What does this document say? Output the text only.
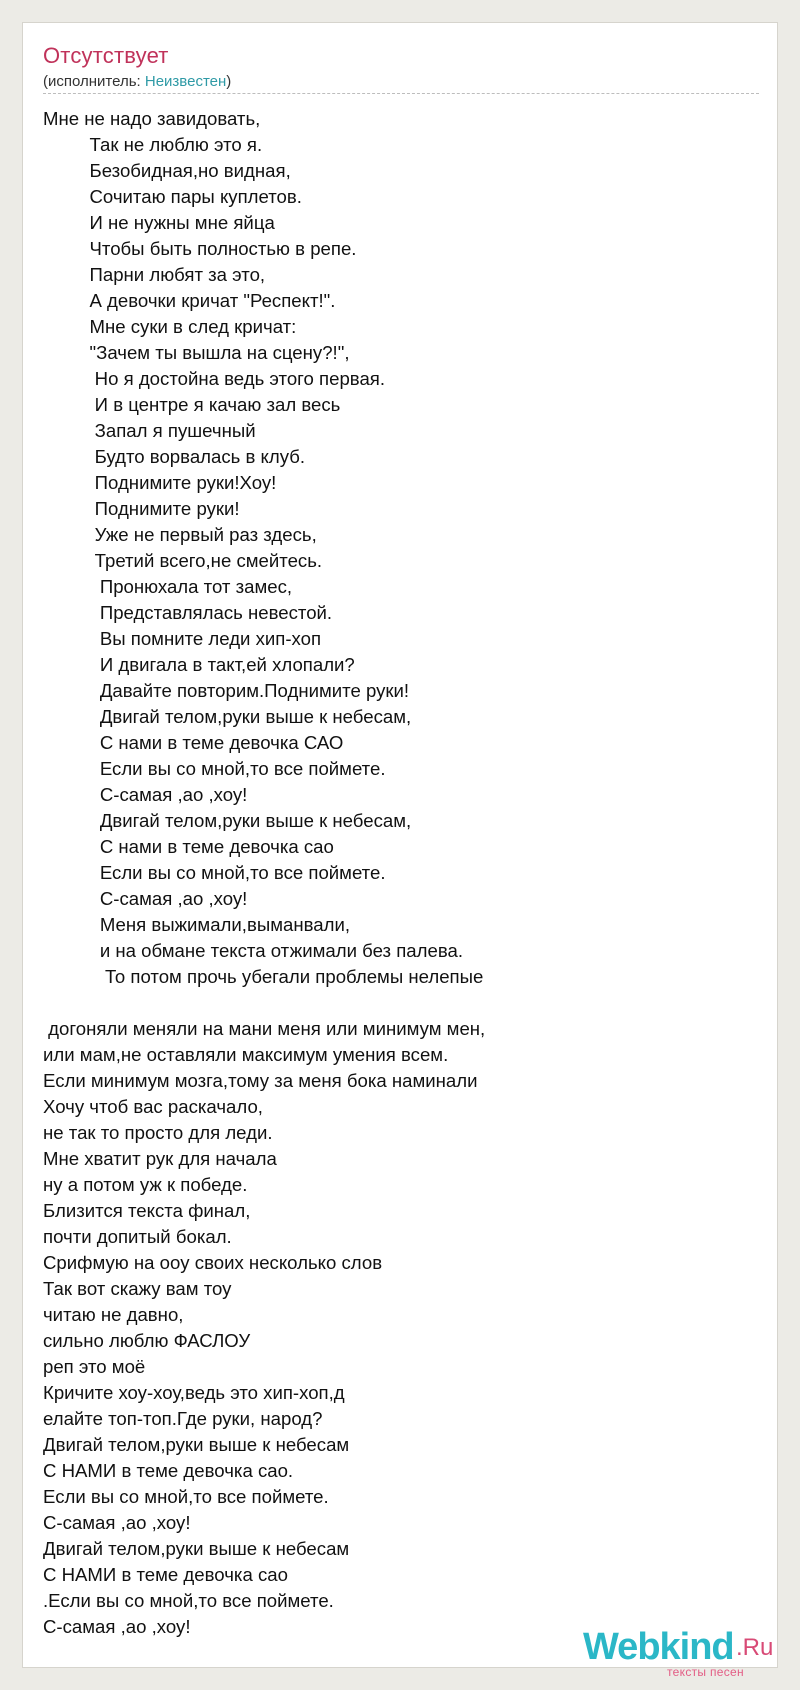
Отсутствует
(исполнитель: Неизвестен)
Мне не надо завидовать,
Так не люблю это я.
Безобидная,но видная,
Сочитаю пары куплетов.
И не нужны мне яйца
Чтобы быть полностью в репе.
Парни любят за это,
А девочки кричат "Респект!".
Мне суки в след кричат:
"Зачем ты вышла на сцену?!",
Но я достойна ведь этого первая.
И в центре я качаю зал весь
Запал я пушечный
Будто ворвалась в клуб.
Поднимите руки!Хоу!
Поднимите руки!
Уже не первый раз здесь,
Третий всего,не смейтесь.
Пронюхала тот замес,
Представлялась невестой.
Вы помните леди хип-хоп
И двигала в такт,ей хлопали?
Давайте повторим.Поднимите руки!
Двигай телом,руки выше к небесам,
С нами в теме девочка САО
Если вы со мной,то все поймете.
С-самая ,ао ,хоу!
Двигай телом,руки выше к небесам,
С нами в теме девочка сао
Если вы со мной,то все поймете.
С-самая ,ао ,хоу!
Меня выжимали,выманвали,
и на обмане текста отжимали без палева.
То потом прочь убегали проблемы нелепые

догоняли меняли на мани меня или минимум мен,
или мам,не оставляли максимум умения всем.
Если минимум мозга,тому за меня бока наминали
Хочу чтоб вас раскачало,
не так то просто для леди.
Мне хватит рук для начала
ну а потом уж к победе.
Близится текста финал,
почти допитый бокал.
Срифмую на оoу своих несколько слов
Так вот скажу вам тоу
читаю не давно,
сильно люблю ФАСЛОУ
реп это моё
Кричите хоу-хоу,ведь это хип-хоп,д
елайте топ-топ.Где руки, народ?
Двигай телом,руки выше к небесам
С НАМИ в теме девочка сао.
Если вы со мной,то все поймете.
С-самая ,ао ,хоу!
Двигай телом,руки выше к небесам
С НАМИ в теме девочка сао
.Если вы со мной,то все поймете.
С-самая ,ао ,хоу!	Webkind .Ru
тексты песен
